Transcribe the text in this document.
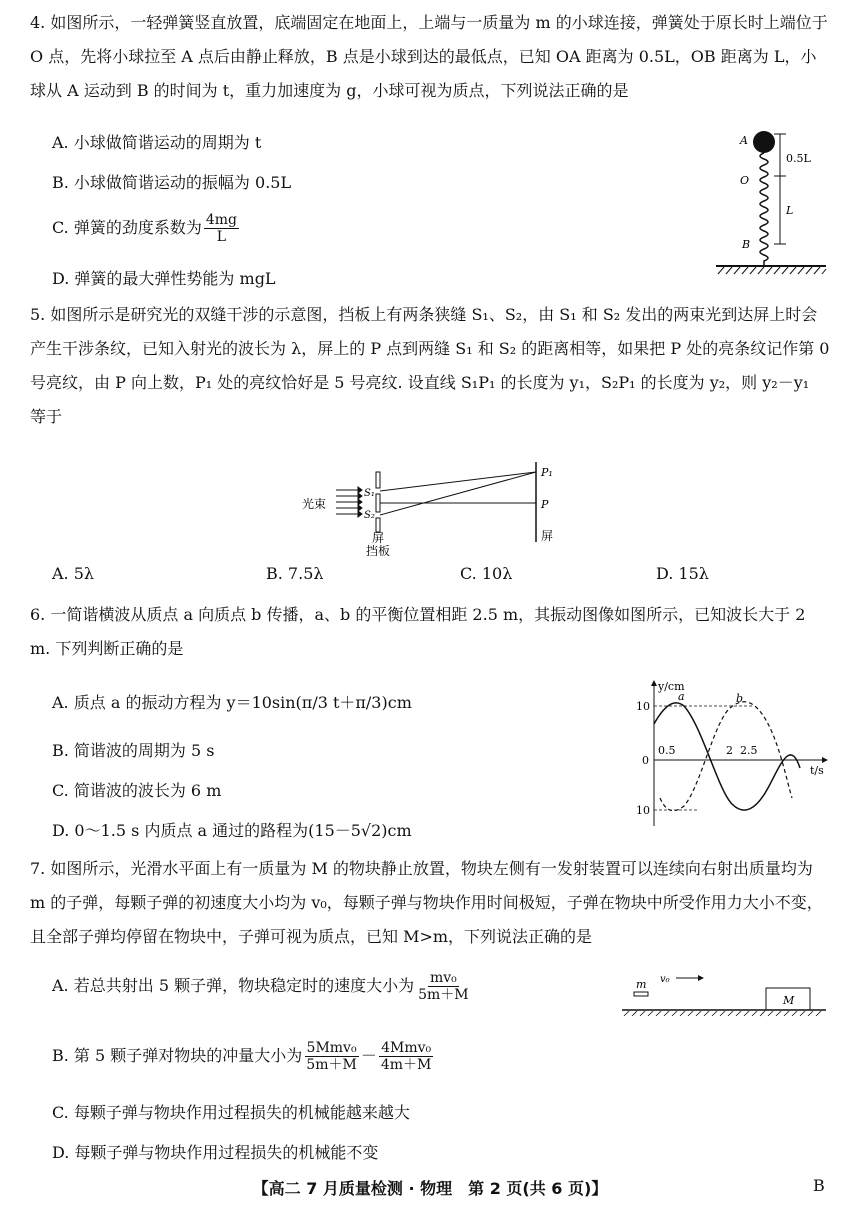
4. 如图所示，一轻弹簧竖直放置，底端固定在地面上，上端与一质量为 m 的小球连接，弹簧处于原长时上端位于 O 点，先将小球拉至 A 点后由静止释放，B 点是小球到达的最低点，已知 OA 距离为 0.5L，OB 距离为 L，小球从 A 运动到 B 的时间为 t，重力加速度为 g，小球可视为质点，下列说法正确的是
A. 小球做简谐运动的周期为 t
B. 小球做简谐运动的振幅为 0.5L
C. 弹簧的劲度系数为 $\frac{4mg}{L}$
D. 弹簧的最大弹性势能为 mgL
A
O
B
0.5L
L
5. 如图所示是研究光的双缝干涉的示意图，挡板上有两条狭缝 S₁、S₂，由 S₁ 和 S₂ 发出的两束光到达屏上时会产生干涉条纹，已知入射光的波长为 λ，屏上的 P 点到两缝 S₁ 和 S₂ 的距离相等，如果把 P 处的亮条纹记作第 0 号亮纹，由 P 向上数，P₁ 处的亮纹恰好是 5 号亮纹. 设直线 S₁P₁ 的长度为 y₁，S₂P₁ 的长度为 y₂，则 y₂－y₁ 等于
光束
S₁
S₂
P₁
P
屏
屏
挡板
A. 5λ	B. 7.5λ	C. 10λ	D. 15λ
6. 一简谐横波从质点 a 向质点 b 传播，a、b 的平衡位置相距 2.5 m，其振动图像如图所示，已知波长大于 2 m. 下列判断正确的是
A. 质点 a 的振动方程为 y＝10sin(π/3 t＋π/3)cm
B. 简谐波的周期为 5 s
C. 简谐波的波长为 6 m
D. 0～1.5 s 内质点 a 通过的路程为(15－5√2)cm
y/cm
t/s
10
10
0
0.5	2 2.5
a	b
7. 如图所示，光滑水平面上有一质量为 M 的物块静止放置，物块左侧有一发射装置可以连续向右射出质量均为 m 的子弹，每颗子弹的初速度大小均为 v₀，每颗子弹与物块作用时间极短，子弹在物块中所受作用力大小不变，且全部子弹均停留在物块中，子弹可视为质点，已知 M>m，下列说法正确的是
A. 若总共射出 5 颗子弹，物块稳定时的速度大小为 $\frac{\text{mv₀}}{5m+M}$
B. 第 5 颗子弹对物块的冲量大小为 $\frac{\text{5Mmv₀}}{5m+M} - \frac{\text{4Mmv₀}}{4m+M}$
C. 每颗子弹与物块作用过程损失的机械能越来越大
D. 每颗子弹与物块作用过程损失的机械能不变
m v₀
M
【高二 7 月质量检测 · 物理　第 2 页(共 6 页)】	B
